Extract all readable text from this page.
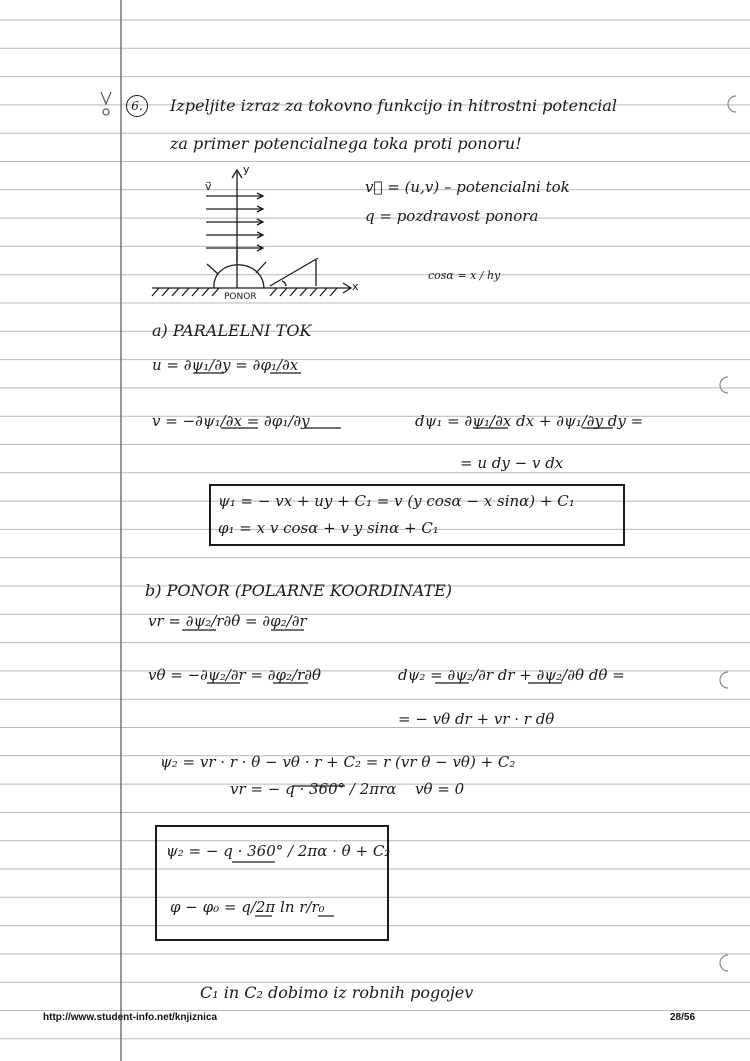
6.	Izpeljite izraz za tokovno funkcijo in hitrostni potencial
za primer potencialnega toka proti ponoru!
y
x
v⃗
PONOR
v⃗ = (u,v) – potencialni tok
q = pozdravost ponora
cosα = x / hy
a) PARALELNI TOK
u = ∂ψ₁/∂y = ∂φ₁/∂x
v = −∂ψ₁/∂x = ∂φ₁/∂y	dψ₁ = ∂ψ₁/∂x dx + ∂ψ₁/∂y dy =
= u dy − v dx
ψ₁ = − vx + uy + C₁ = v (y cosα − x sinα) + C₁
φ₁ = x v cosα + v y sinα + C₁
b) PONOR (POLARNE KOORDINATE)
vr = ∂ψ₂/r∂θ = ∂φ₂/∂r
vθ = −∂ψ₂/∂r = ∂φ₂/r∂θ	dψ₂ = ∂ψ₂/∂r dr + ∂ψ₂/∂θ dθ =
= − vθ dr + vr · r dθ
ψ₂ = vr · r · θ − vθ · r + C₂ = r (vr θ − vθ) + C₂
vr = − q · 360° / 2πrα vθ = 0
ψ₂ = − q · 360° / 2πα · θ + C₂
φ − φ₀ = q/2π ln r/r₀
C₁ in C₂ dobimo iz robnih pogojev
http://www.student-info.net/knjiznica	28/56
